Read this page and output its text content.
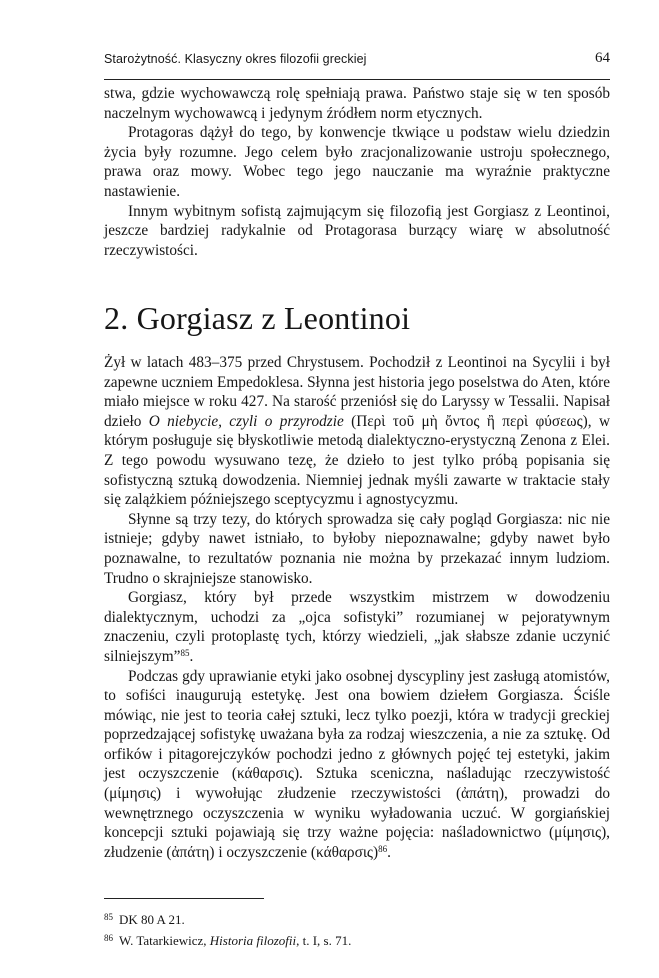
Starożytność. Klasyczny okres filozofii greckiej	64

stwa, gdzie wychowawczą rolę spełniają prawa. Państwo staje się w ten sposób naczelnym wychowawcą i jedynym źródłem norm etycznych.

Protagoras dążył do tego, by konwencje tkwiące u podstaw wielu dziedzin życia były rozumne. Jego celem było zracjonalizowanie ustroju społecznego, prawa oraz mowy. Wobec tego jego nauczanie ma wyraźnie praktyczne nastawienie.

Innym wybitnym sofistą zajmującym się filozofią jest Gorgiasz z Leontinoi, jeszcze bardziej radykalnie od Protagorasa burzący wiarę w absolutność rzeczywistości.

2. Gorgiasz z Leontinoi

Żył w latach 483–375 przed Chrystusem. Pochodził z Leontinoi na Sycylii i był zapewne uczniem Empedoklesa. Słynna jest historia jego poselstwa do Aten, które miało miejsce w roku 427. Na starość przeniósł się do Laryssy w Tessalii. Napisał dzieło O niebycie, czyli o przyrodzie (Περὶ τοῦ μὴ ὄντος ἢ περὶ φύσεως), w którym posługuje się błyskotliwie metodą dialektyczno-erystyczną Zenona z Elei. Z tego powodu wysuwano tezę, że dzieło to jest tylko próbą popisania się sofistyczną sztuką dowodzenia. Niemniej jednak myśli zawarte w traktacie stały się zalążkiem późniejszego sceptycyzmu i agnostycyzmu.

Słynne są trzy tezy, do których sprowadza się cały pogląd Gorgiasza: nic nie istnieje; gdyby nawet istniało, to byłoby niepoznawalne; gdyby nawet było poznawalne, to rezultatów poznania nie można by przekazać innym ludziom. Trudno o skrajniejsze stanowisko.

Gorgiasz, który był przede wszystkim mistrzem w dowodzeniu dialektycznym, uchodzi za „ojca sofistyki” rozumianej w pejoratywnym znaczeniu, czyli protoplastę tych, którzy wiedzieli, „jak słabsze zdanie uczynić silniejszym”$^{85}$.

Podczas gdy uprawianie etyki jako osobnej dyscypliny jest zasługą atomistów, to sofiści inaugurują estetykę. Jest ona bowiem dziełem Gorgiasza. Ściśle mówiąc, nie jest to teoria całej sztuki, lecz tylko poezji, która w tradycji greckiej poprzedzającej sofistykę uważana była za rodzaj wieszczenia, a nie za sztukę. Od orfików i pitagorejczyków pochodzi jedno z głównych pojęć tej estetyki, jakim jest oczyszczenie (κάθαρσις). Sztuka sceniczna, naśladując rzeczywistość (μίμησις) i wywołując złudzenie rzeczywistości (ἀπάτη), prowadzi do wewnętrznego oczyszczenia w wyniku wyładowania uczuć. W gorgiańskiej koncepcji sztuki pojawiają się trzy ważne pojęcia: naśladownictwo (μίμησις), złudzenie (ἀπάτη) i oczyszczenie $(\kappa ά\theta\alpha\rho\sigma\iota\varsigma)^{86}$.

$^{85}$ DK 80 A 21.
$^{86}$ W. Tatarkiewicz, Historia filozofii, t. I, s. 71.
